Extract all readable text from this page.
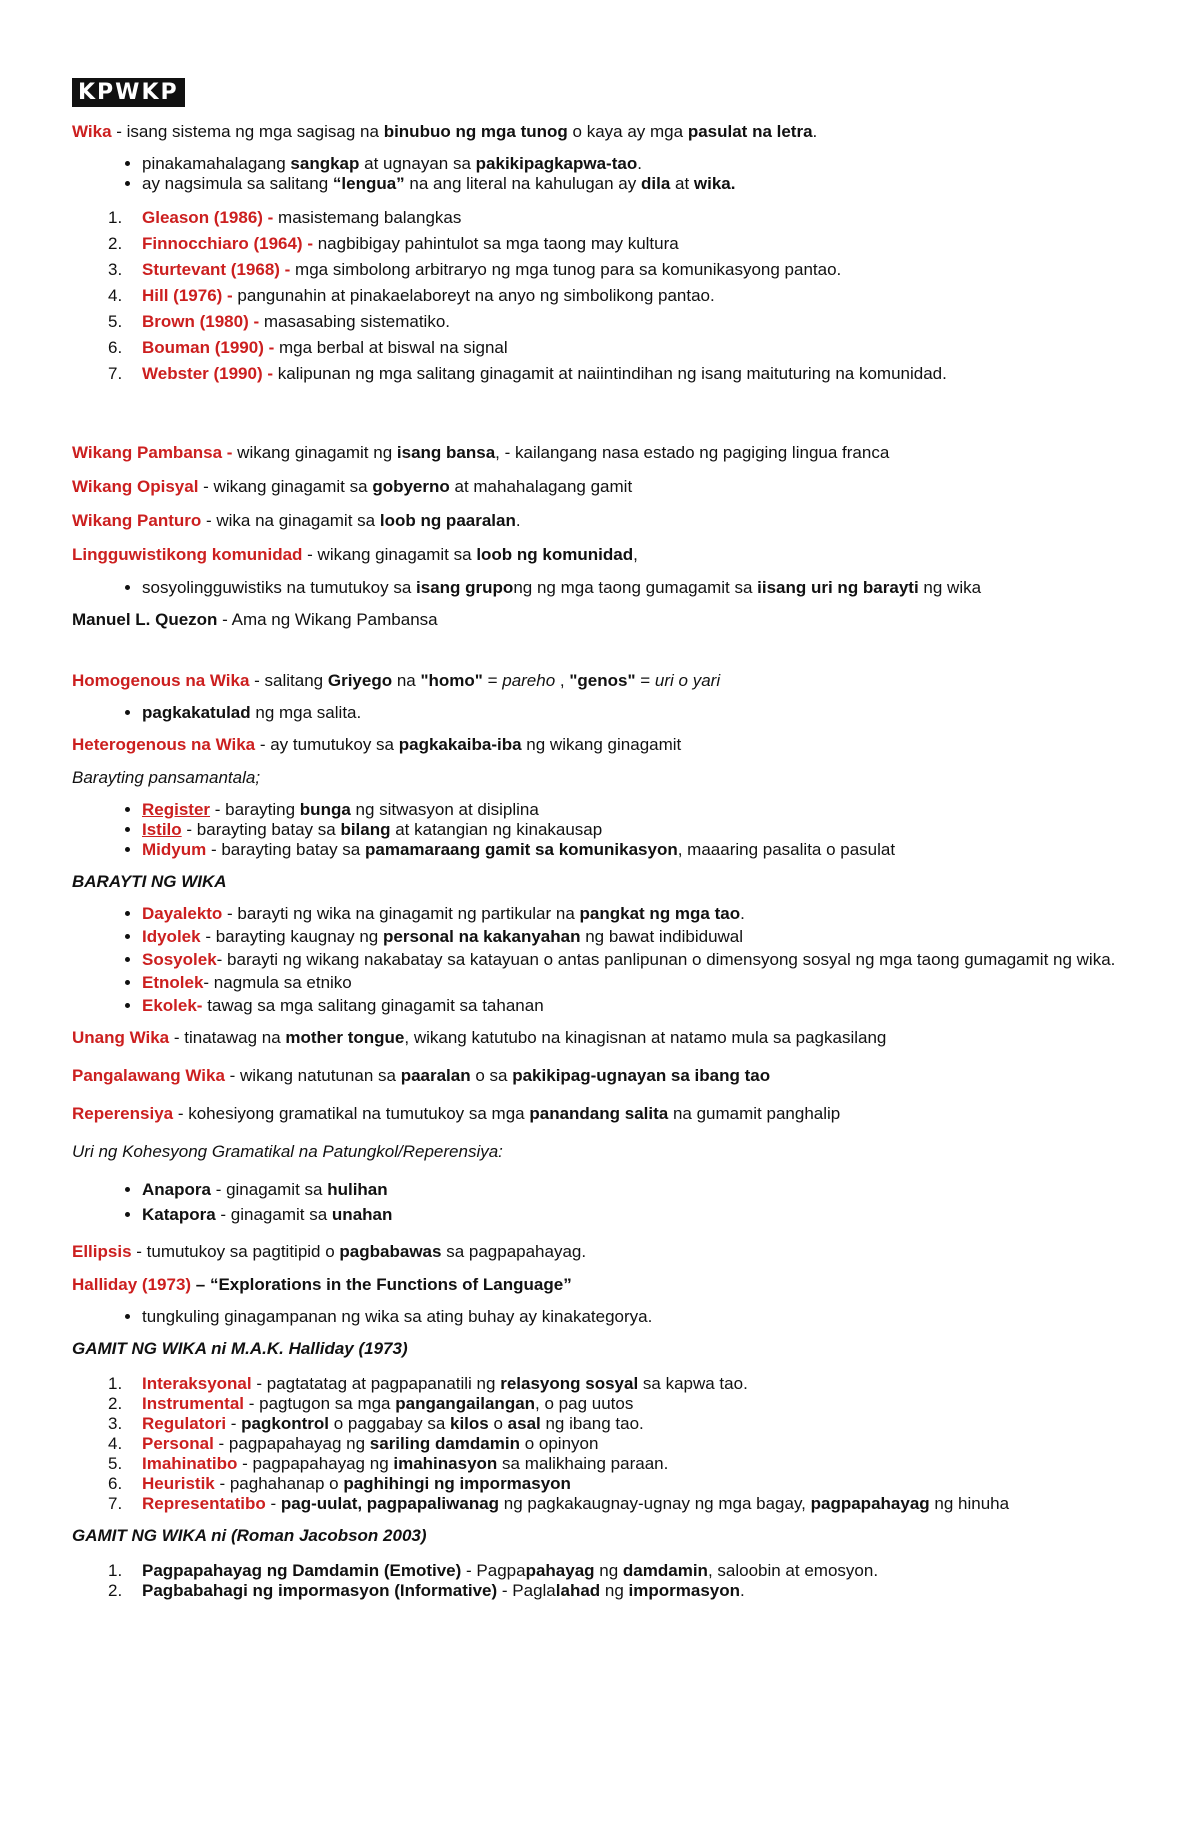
KPWKP

Wika - isang sistema ng mga sagisag na binubuo ng mga tunog o kaya ay mga pasulat na letra.

• pinakamahalagang sangkap at ugnayan sa pakikipagkapwa-tao.
• ay nagsimula sa salitang “lengua” na ang literal na kahulugan ay dila at wika.
1. Gleason (1986) - masistemang balangkas
2. Finnocchiaro (1964) - nagbibigay pahintulot sa mga taong may kultura
3. Sturtevant (1968) - mga simbolong arbitraryo ng mga tunog para sa komunikasyong pantao.
4. Hill (1976) - pangunahin at pinakaelaboreyt na anyo ng simbolikong pantao.
5. Brown (1980) - masasabing sistematiko.
6. Bouman (1990) - mga berbal at biswal na signal
7. Webster (1990) - kalipunan ng mga salitang ginagamit at naiintindihan ng isang maituturing na komunidad.

Wikang Pambansa - wikang ginagamit ng isang bansa, - kailangang nasa estado ng pagiging lingua franca

Wikang Opisyal - wikang ginagamit sa gobyerno at mahahalagang gamit

Wikang Panturo - wika na ginagamit sa loob ng paaralan.

Lingguwistikong komunidad - wikang ginagamit sa loob ng komunidad,

• sosyolingguwistiks na tumutukoy sa isang grupong ng mga taong gumagamit sa iisang uri ng barayti ng wika

Manuel L. Quezon - Ama ng Wikang Pambansa

Homogenous na Wika - salitang Griyego na "homo" = pareho , "genos" = uri o yari

• pagkakatulad ng mga salita.

Heterogenous na Wika - ay tumutukoy sa pagkakaiba-iba ng wikang ginagamit

Barayting pansamantala;

• Register - barayting bunga ng sitwasyon at disiplina
• Istilo - barayting batay sa bilang at katangian ng kinakausap
• Midyum - barayting batay sa pamamaraang gamit sa komunikasyon, maaaring pasalita o pasulat

BARAYTI NG WIKA

• Dayalekto - barayti ng wika na ginagamit ng partikular na pangkat ng mga tao.
• Idyolek - barayting kaugnay ng personal na kakanyahan ng bawat indibiduwal
• Sosyolek- barayti ng wikang nakabatay sa katayuan o antas panlipunan o dimensyong sosyal ng mga taong gumagamit ng wika.
• Etnolek- nagmula sa etniko
• Ekolek- tawag sa mga salitang ginagamit sa tahanan

Unang Wika - tinatawag na mother tongue, wikang katutubo na kinagisnan at natamo mula sa pagkasilang

Pangalawang Wika - wikang natutunan sa paaralan o sa pakikipag-ugnayan sa ibang tao

Reperensiya - kohesiyong gramatikal na tumutukoy sa mga panandang salita na gumamit panghalip

Uri ng Kohesyong Gramatikal na Patungkol/Reperensiya:

• Anapora - ginagamit sa hulihan
• Katapora - ginagamit sa unahan

Ellipsis - tumutukoy sa pagtitipid o pagbabawas sa pagpapahayag.

Halliday (1973) – “Explorations in the Functions of Language”

• tungkuling ginagampanan ng wika sa ating buhay ay kinakategorya.

GAMIT NG WIKA ni M.A.K. Halliday (1973)

1. Interaksyonal - pagtatatag at pagpapanatili ng relasyong sosyal sa kapwa tao.
2. Instrumental - pagtugon sa mga pangangailangan, o pag uutos
3. Regulatori - pagkontrol o paggabay sa kilos o asal ng ibang tao.
4. Personal - pagpapahayag ng sariling damdamin o opinyon
5. Imahinatibo - pagpapahayag ng imahinasyon sa malikhaing paraan.
6. Heuristik - paghahanap o paghihingi ng impormasyon
7. Representatibo - pag-uulat, pagpapaliwanag ng pagkakaugnay-ugnay ng mga bagay, pagpapahayag ng hinuha

GAMIT NG WIKA ni (Roman Jacobson 2003)

1. Pagpapahayag ng Damdamin (Emotive) - Pagpapahayag ng damdamin, saloobin at emosyon.
2. Pagbabahagi ng impormasyon (Informative) - Paglalahad ng impormasyon.
